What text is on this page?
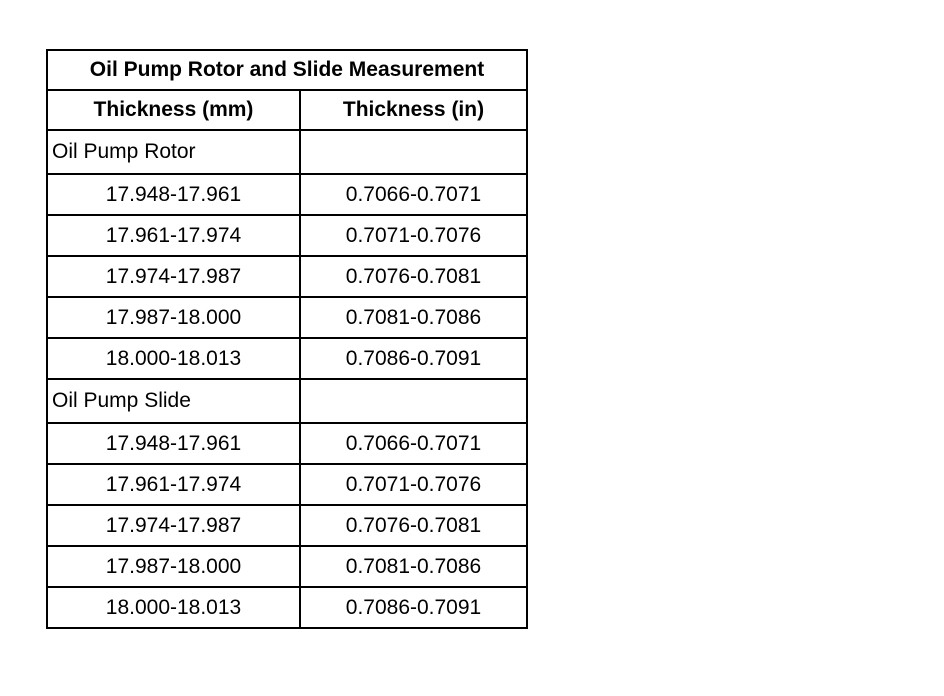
Oil Pump Rotor and Slide Measurement	
Thickness (mm)	Thickness (in)
Oil Pump Rotor	
17.948-17.961	0.7066-0.7071
17.961-17.974	0.7071-0.7076
17.974-17.987	0.7076-0.7081
17.987-18.000	0.7081-0.7086
18.000-18.013	0.7086-0.7091
Oil Pump Slide	
17.948-17.961	0.7066-0.7071
17.961-17.974	0.7071-0.7076
17.974-17.987	0.7076-0.7081
17.987-18.000	0.7081-0.7086
18.000-18.013	0.7086-0.7091
